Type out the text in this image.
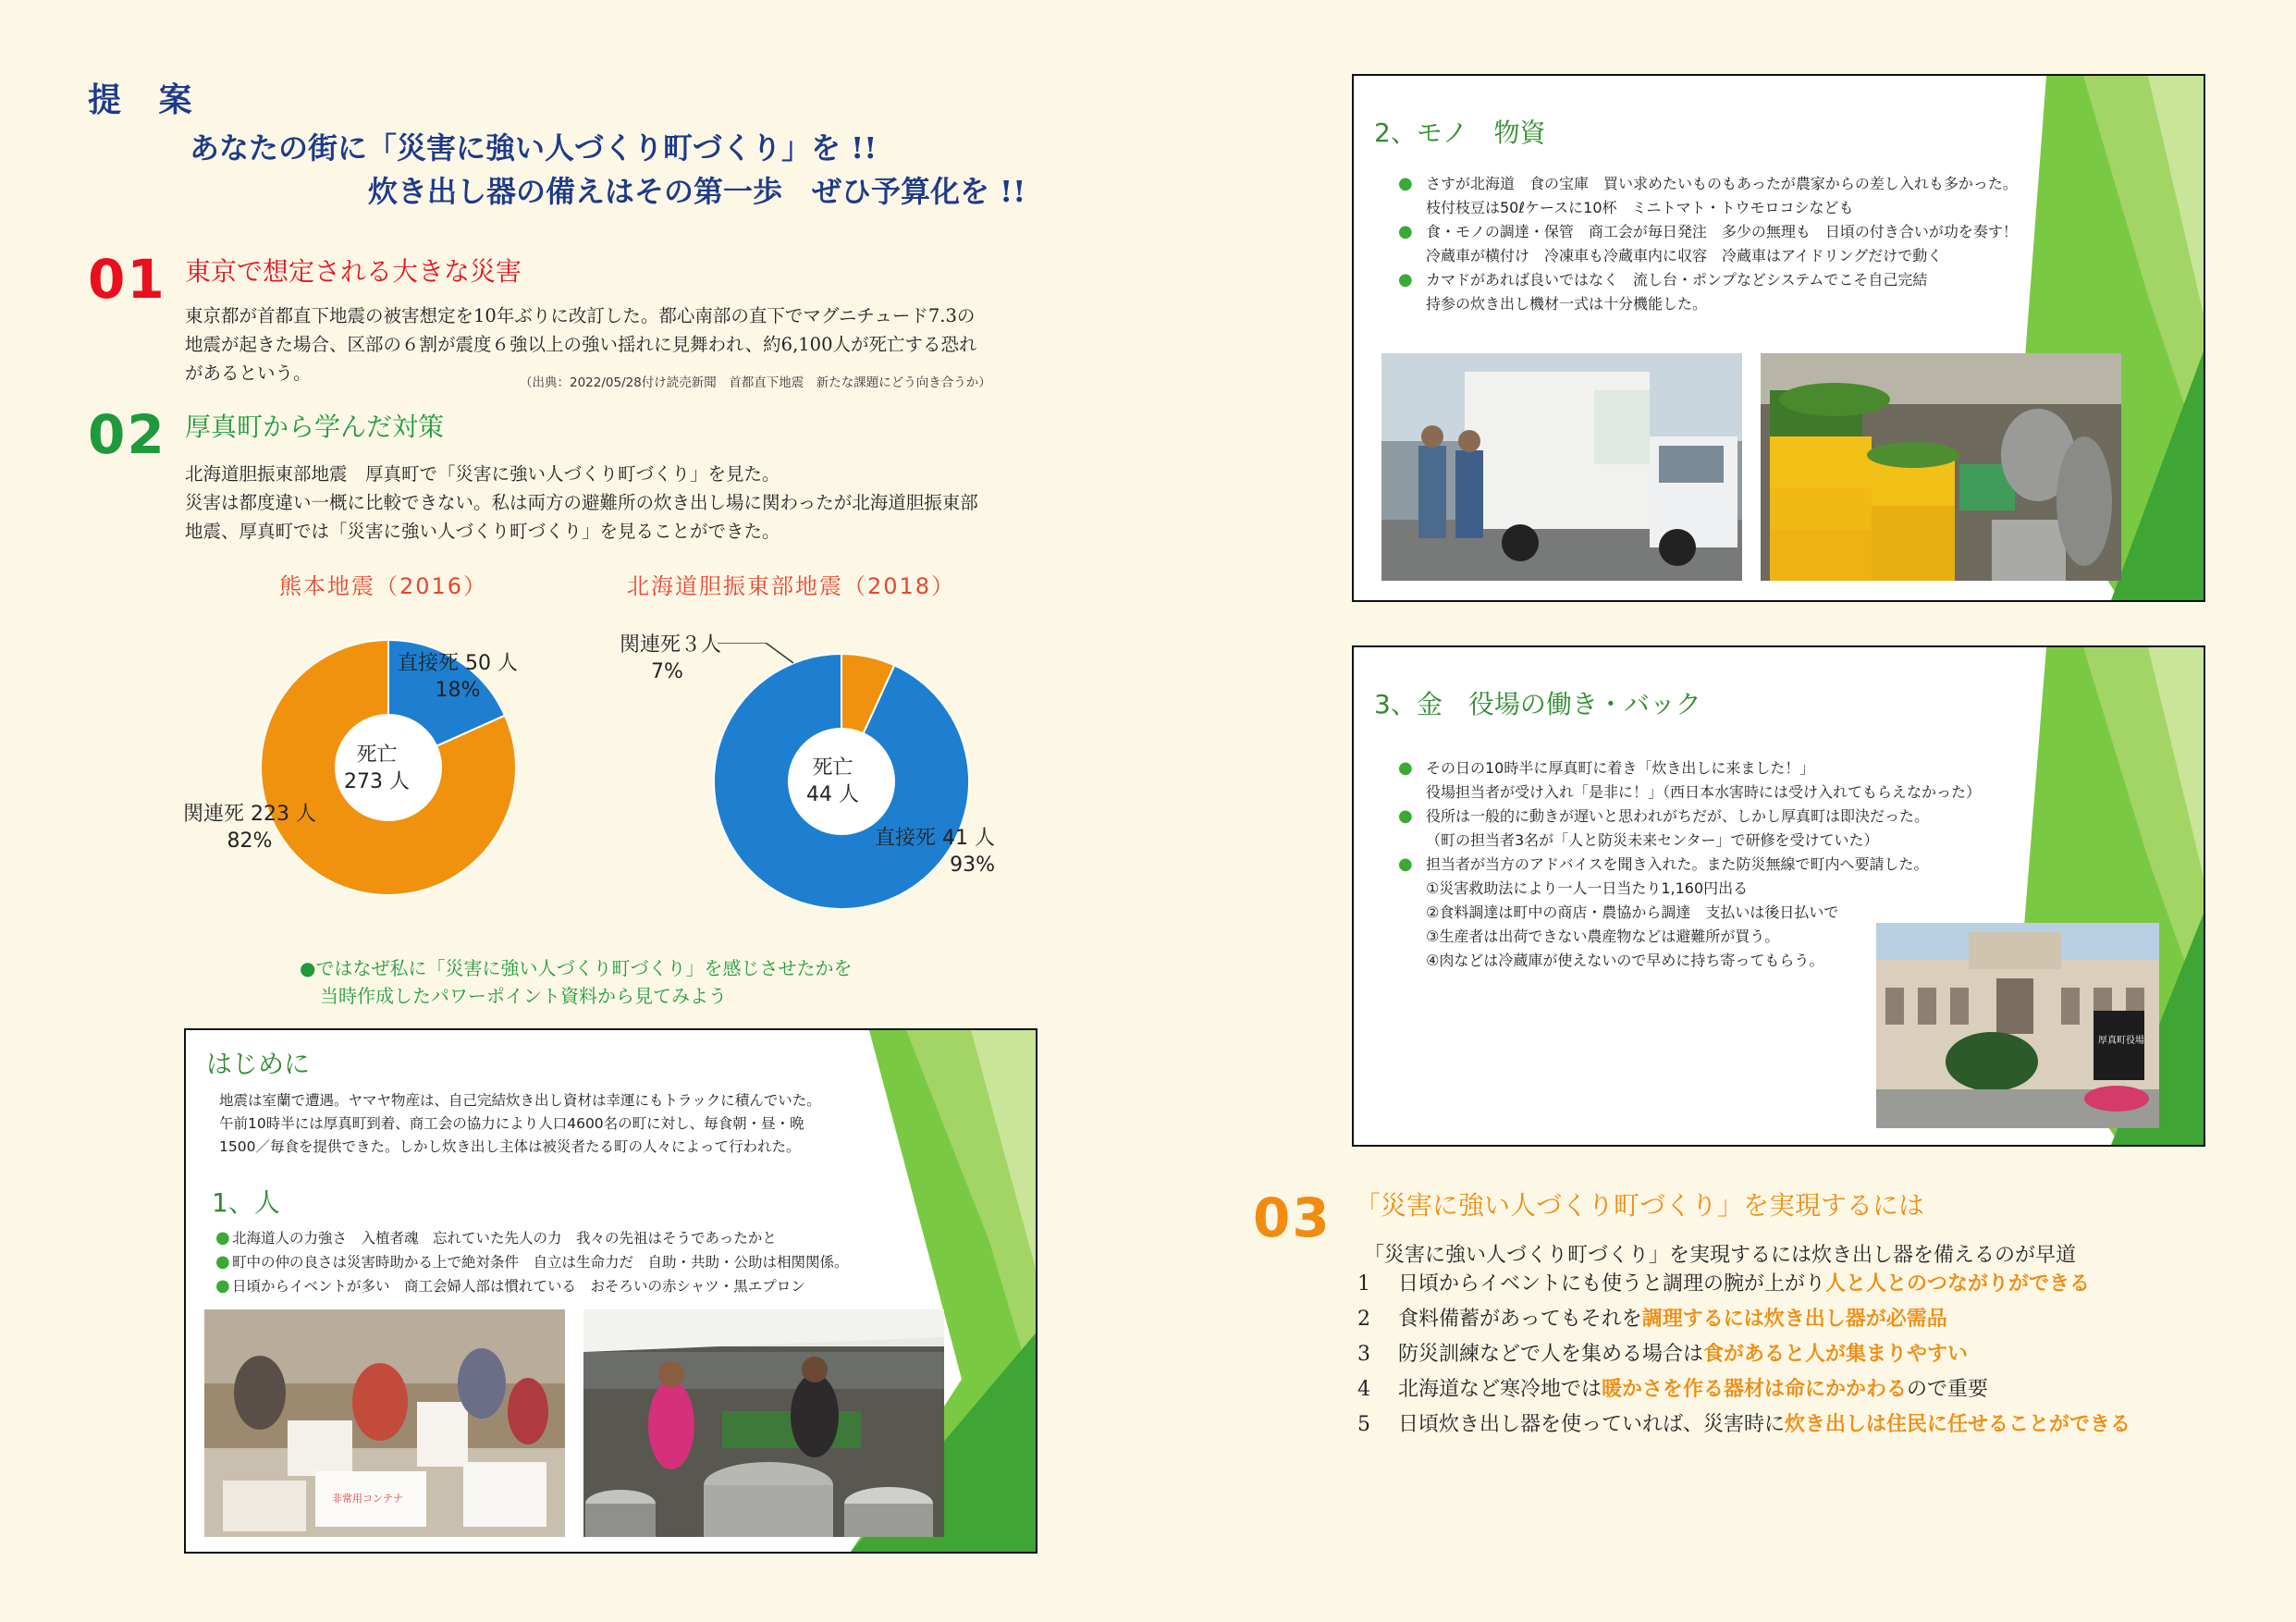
提 案
あなたの街に「災害に強い人づくり町づくり」を !!
炊き出し器の備えはその第一歩　ぜひ予算化を !!
01 東京で想定される大きな災害
東京都が首都直下地震の被害想定を10年ぶりに改訂した。都心南部の直下でマグニチュード7.3の
地震が起きた場合、区部の６割が震度６強以上の強い揺れに見舞われ、約6,100人が死亡する恐れ
があるという。	（出典：2022/05/28付け読売新聞　首都直下地震　新たな課題にどう向き合うか）
02 厚真町から学んだ対策
北海道胆振東部地震　厚真町で「災害に強い人づくり町づくり」を見た。
災害は都度違い一概に比較できない。私は両方の避難所の炊き出し場に関わったが北海道胆振東部
地震、厚真町では「災害に強い人づくり町づくり」を見ることができた。
熊本地震（2016）	北海道胆振東部地震（2018）
死亡
273 人
直接死 50 人
18%
関連死 223 人
82%
死亡
44 人
関連死３人
7%
直接死 41 人
93%
●ではなぜ私に「災害に強い人づくり町づくり」を感じさせたかを
当時作成したパワーポイント資料から見てみよう
はじめに
地震は室蘭で遭遇。ヤマヤ物産は、自己完結炊き出し資材は幸運にもトラックに積んでいた。
午前10時半には厚真町到着、商工会の協力により人口4600名の町に対し、毎食朝・昼・晩
1500／毎食を提供できた。しかし炊き出し主体は被災者たる町の人々によって行われた。
1、人
● 北海道人の力強さ　入植者魂　忘れていた先人の力　我々の先祖はそうであったかと
● 町中の仲の良さは災害時助かる上で絶対条件　自立は生命力だ　自助・共助・公助は相関関係。
● 日頃からイベントが多い　商工会婦人部は慣れている　おそろいの赤シャツ・黒エプロン
非常用コンテナ
2、モノ　物資
● さすが北海道　食の宝庫　買い求めたいものもあったが農家からの差し入れも多かった。
枝付枝豆は50ℓケースに10杯　ミニトマト・トウモロコシなども
● 食・モノの調達・保管　商工会が毎日発注　多少の無理も　日頃の付き合いが功を奏す！
冷蔵車が横付け　冷凍車も冷蔵車内に収容　冷蔵車はアイドリングだけで動く
● カマドがあれば良いではなく　流し台・ポンプなどシステムでこそ自己完結
持参の炊き出し機材一式は十分機能した。
3、金　役場の働き・バック
● その日の10時半に厚真町に着き「炊き出しに来ました！」
役場担当者が受け入れ「是非に！」（西日本水害時には受け入れてもらえなかった）
● 役所は一般的に動きが遅いと思われがちだが、しかし厚真町は即決だった。
（町の担当者3名が「人と防災未来センター」で研修を受けていた）
● 担当者が当方のアドバイスを聞き入れた。また防災無線で町内へ要請した。
①災害救助法により一人一日当たり1,160円出る
②食料調達は町中の商店・農協から調達　支払いは後日払いで
③生産者は出荷できない農産物などは避難所が買う。
④肉などは冷蔵庫が使えないので早めに持ち寄ってもらう。
厚真町役場
03 「災害に強い人づくり町づくり」を実現するには
「災害に強い人づくり町づくり」を実現するには炊き出し器を備えるのが早道
1 日頃からイベントにも使うと調理の腕が上がり人と人とのつながりができる
2 食料備蓄があってもそれを調理するには炊き出し器が必需品
3 防災訓練などで人を集める場合は食があると人が集まりやすい
4 北海道など寒冷地では暖かさを作る器材は命にかかわるので重要
5 日頃炊き出し器を使っていれば、災害時に炊き出しは住民に任せることができる
